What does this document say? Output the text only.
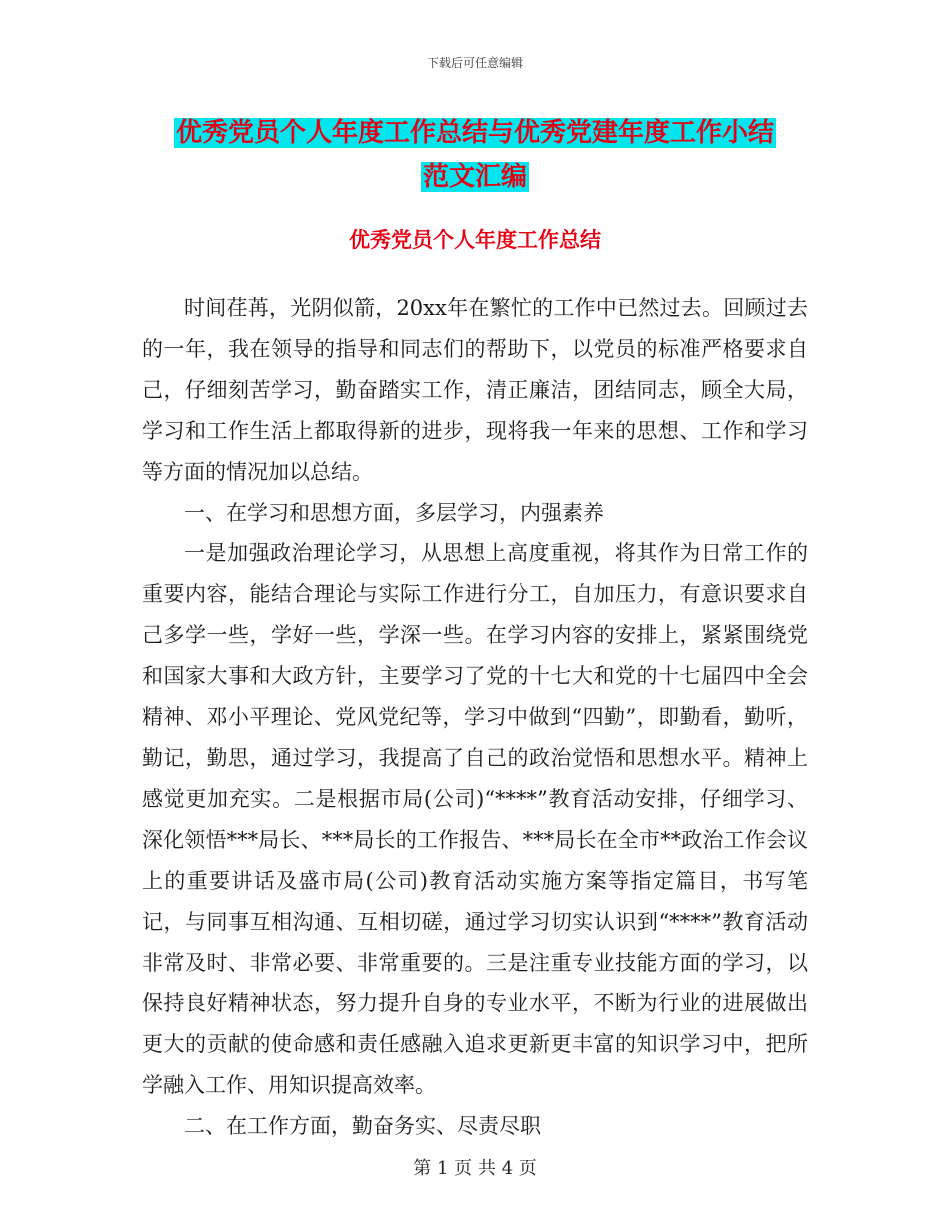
下载后可任意编辑
优秀党员个人年度工作总结与优秀党建年度工作小结
范文汇编
优秀党员个人年度工作总结

时间荏苒，光阴似箭，20xx年在繁忙的工作中已然过去。回顾过去的一年，我在领导的指导和同志们的帮助下，以党员的标准严格要求自己，仔细刻苦学习，勤奋踏实工作，清正廉洁，团结同志，顾全大局，学习和工作生活上都取得新的进步，现将我一年来的思想、工作和学习等方面的情况加以总结。

一、在学习和思想方面，多层学习，内强素养

一是加强政治理论学习，从思想上高度重视，将其作为日常工作的重要内容，能结合理论与实际工作进行分工，自加压力，有意识要求自己多学一些，学好一些，学深一些。在学习内容的安排上，紧紧围绕党和国家大事和大政方针，主要学习了党的十七大和党的十七届四中全会精神、邓小平理论、党风党纪等，学习中做到“四勤”，即勤看，勤听，勤记，勤思，通过学习，我提高了自己的政治觉悟和思想水平。精神上感觉更加充实。二是根据市局(公司)“****”教育活动安排，仔细学习、深化领悟***局长、***局长的工作报告、***局长在全市**政治工作会议上的重要讲话及盛市局(公司)教育活动实施方案等指定篇目，书写笔记，与同事互相沟通、互相切磋，通过学习切实认识到“****”教育活动非常及时、非常必要、非常重要的。三是注重专业技能方面的学习，以保持良好精神状态，努力提升自身的专业水平，不断为行业的进展做出更大的贡献的使命感和责任感融入追求更新更丰富的知识学习中，把所学融入工作、用知识提高效率。

二、在工作方面，勤奋务实、尽责尽职

第 1 页 共 4 页
